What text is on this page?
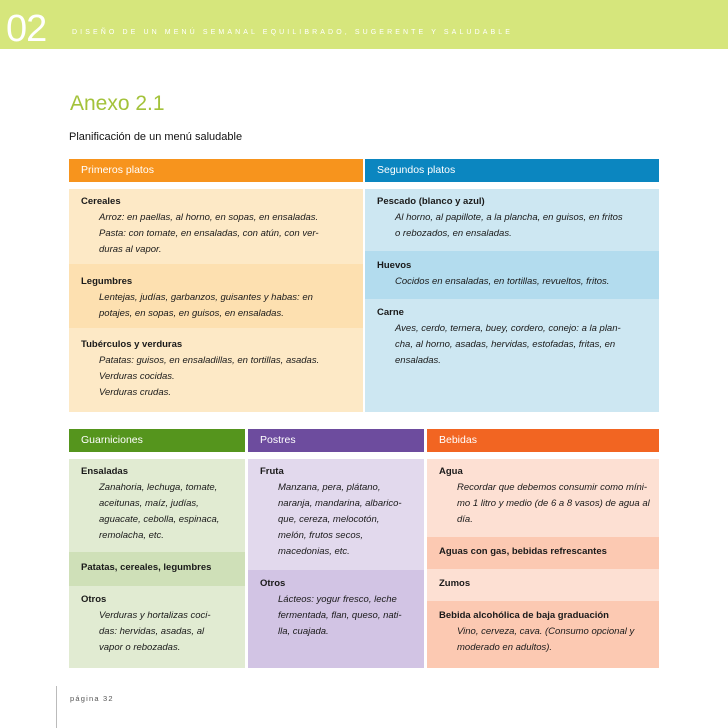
02	DISEÑO DE UN MENÚ SEMANAL EQUILIBRADO, SUGERENTE Y SALUDABLE
Anexo 2.1
Planificación de un menú saludable
Primeros platos	Segundos platos
Cereales
Arroz: en paellas, al horno, en sopas, en ensaladas.
Pasta: con tomate, en ensaladas, con atún, con ver-
duras al vapor.
Legumbres
Lentejas, judías, garbanzos, guisantes y habas: en
potajes, en sopas, en guisos, en ensaladas.
Tubérculos y verduras
Patatas: guisos, en ensaladillas, en tortillas, asadas.
Verduras cocidas.
Verduras crudas.
Pescado (blanco y azul)
Al horno, al papillote, a la plancha, en guisos, en fritos
o rebozados, en ensaladas.
Huevos
Cocidos en ensaladas, en tortillas, revueltos, fritos.
Carne
Aves, cerdo, ternera, buey, cordero, conejo: a la plan-
cha, al horno, asadas, hervidas, estofadas, fritas, en
ensaladas.
Guarniciones	Postres	Bebidas
Ensaladas
Zanahoria, lechuga, tomate,
aceitunas, maíz, judías,
aguacate, cebolla, espinaca,
remolacha, etc.
Patatas, cereales, legumbres
Otros
Verduras y hortalizas coci-
das: hervidas, asadas, al
vapor o rebozadas.
Fruta
Manzana, pera, plátano,
naranja, mandarina, albarico-
que, cereza, melocotón,
melón, frutos secos,
macedonias, etc.
Otros
Lácteos: yogur fresco, leche
fermentada, flan, queso, nati-
lla, cuajada.
Agua
Recordar que debemos consumir como míni-
mo 1 litro y medio (de 6 a 8 vasos) de agua al
día.
Aguas con gas, bebidas refrescantes
Zumos
Bebida alcohólica de baja graduación
Vino, cerveza, cava. (Consumo opcional y
moderado en adultos).
página 32
